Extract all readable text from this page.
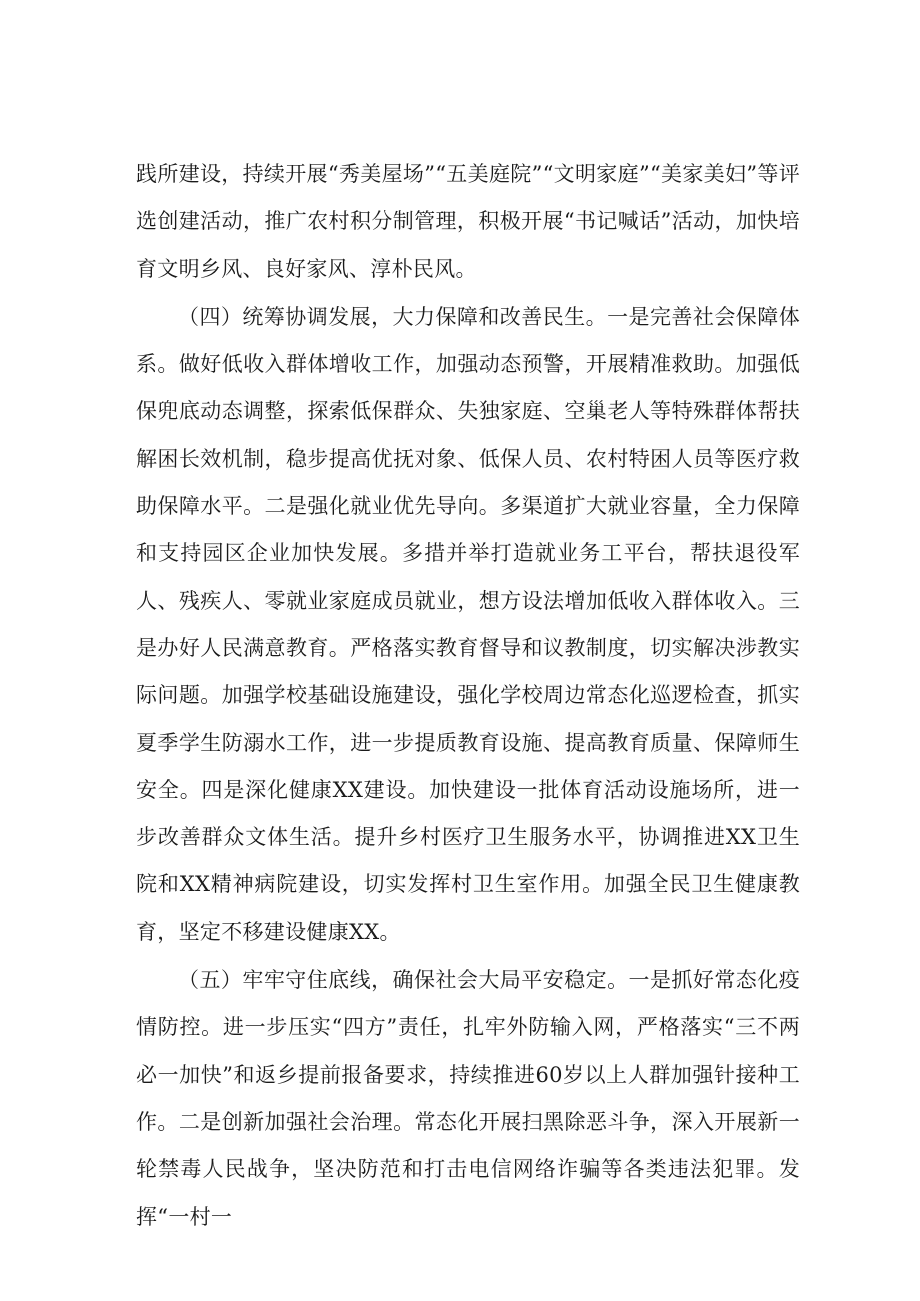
践所建设，持续开展“秀美屋场”“五美庭院”“文明家庭”“美家美妇”等评选创建活动，推广农村积分制管理，积极开展“书记喊话”活动，加快培育文明乡风、良好家风、淳朴民风。

（四）统筹协调发展，大力保障和改善民生。一是完善社会保障体系。做好低收入群体增收工作，加强动态预警，开展精准救助。加强低保兜底动态调整，探索低保群众、失独家庭、空巢老人等特殊群体帮扶解困长效机制，稳步提高优抚对象、低保人员、农村特困人员等医疗救助保障水平。二是强化就业优先导向。多渠道扩大就业容量，全力保障和支持园区企业加快发展。多措并举打造就业务工平台，帮扶退役军人、残疾人、零就业家庭成员就业，想方设法增加低收入群体收入。三是办好人民满意教育。严格落实教育督导和议教制度，切实解决涉教实际问题。加强学校基础设施建设，强化学校周边常态化巡逻检查，抓实夏季学生防溺水工作，进一步提质教育设施、提高教育质量、保障师生安全。四是深化健康XX建设。加快建设一批体育活动设施场所，进一步改善群众文体生活。提升乡村医疗卫生服务水平，协调推进XX卫生院和XX精神病院建设，切实发挥村卫生室作用。加强全民卫生健康教育，坚定不移建设健康XX。

（五）牢牢守住底线，确保社会大局平安稳定。一是抓好常态化疫情防控。进一步压实“四方”责任，扎牢外防输入网，严格落实“三不两必一加快”和返乡提前报备要求，持续推进60岁以上人群加强针接种工作。二是创新加强社会治理。常态化开展扫黑除恶斗争，深入开展新一轮禁毒人民战争，坚决防范和打击电信网络诈骗等各类违法犯罪。发挥“一村一
